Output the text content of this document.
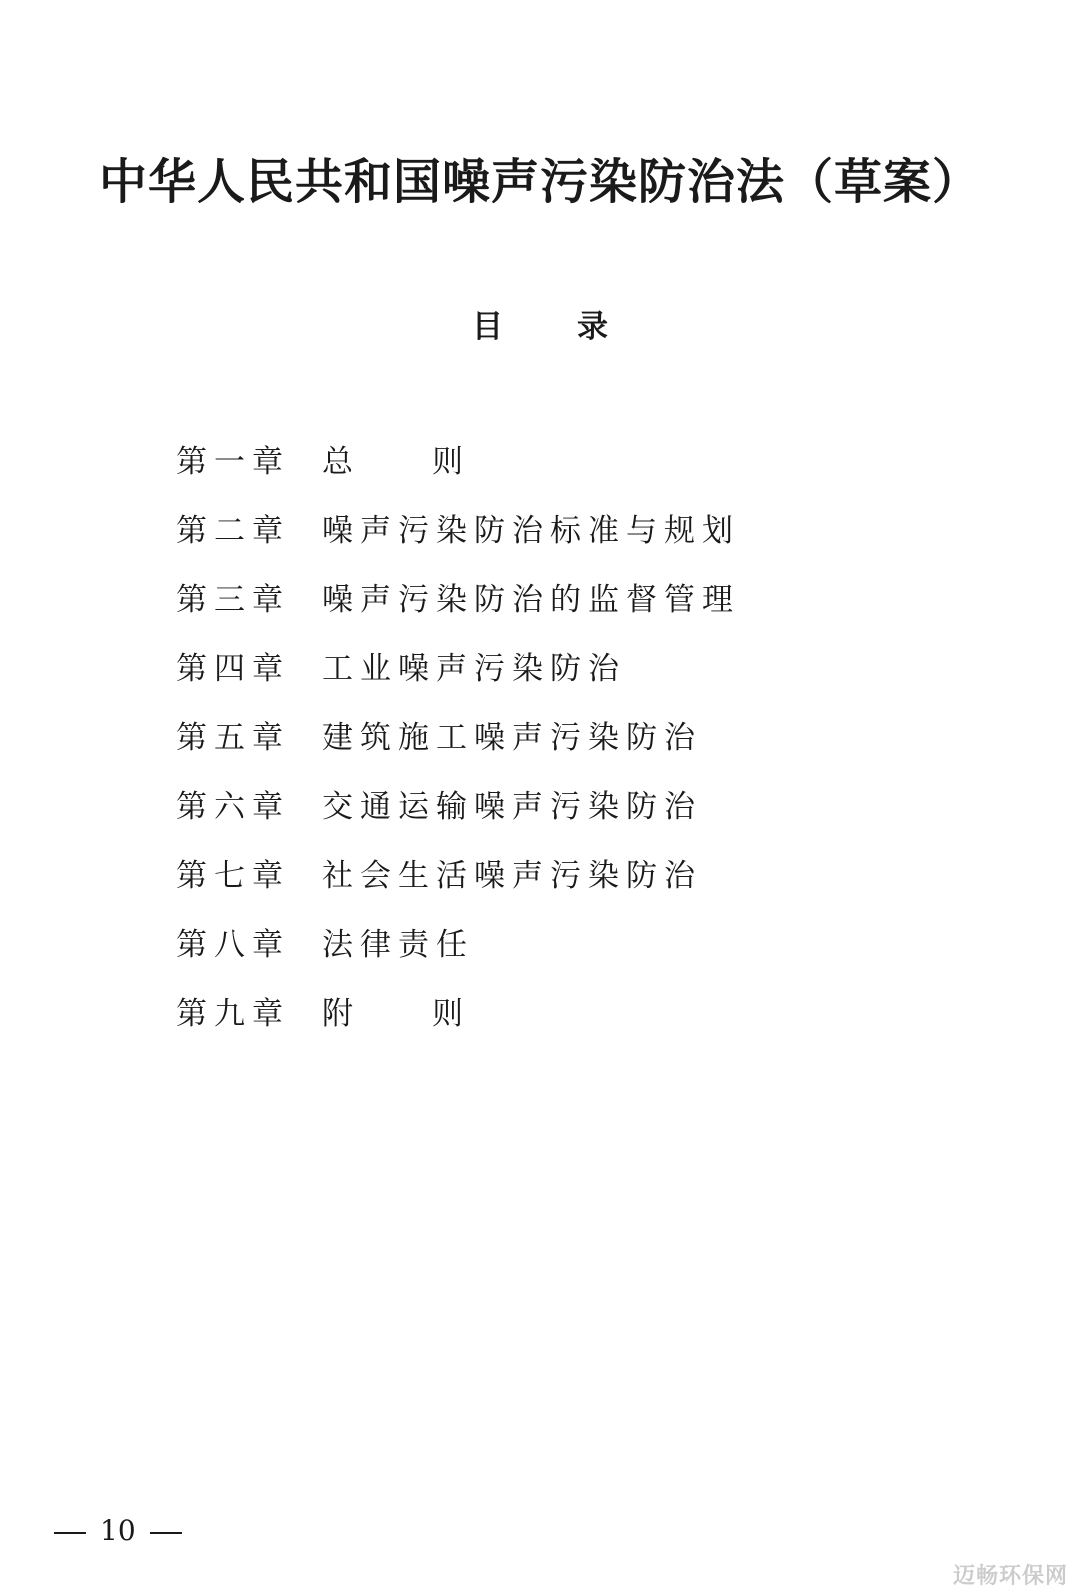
中华人民共和国噪声污染防治法（草案）
目 录
第一章	总 则
第二章	噪声污染防治标准与规划
第三章	噪声污染防治的监督管理
第四章	工业噪声污染防治
第五章	建筑施工噪声污染防治
第六章	交通运输噪声污染防治
第七章	社会生活噪声污染防治
第八章	法律责任
第九章	附 则
10
迈畅环保网
